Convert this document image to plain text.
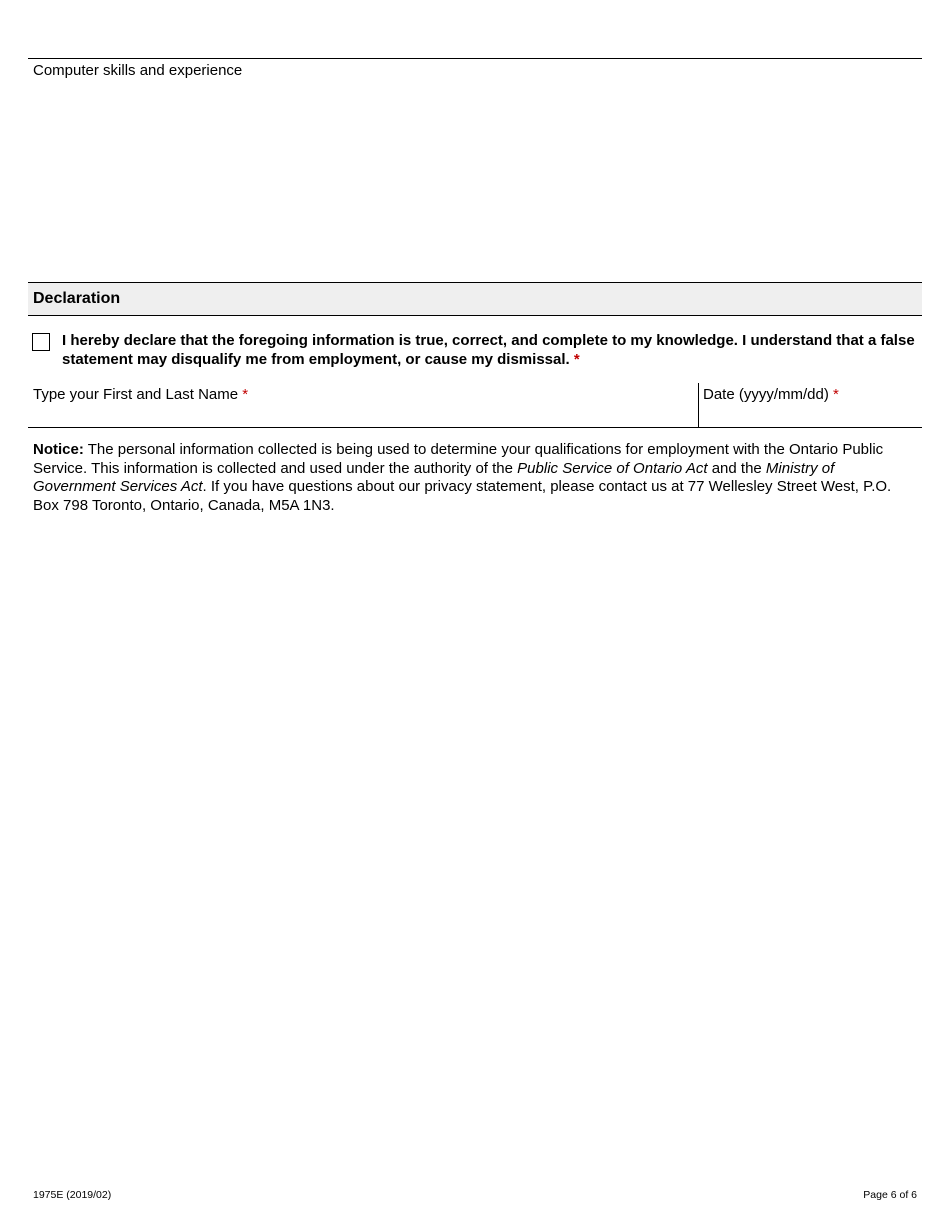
Computer skills and experience
Declaration
I hereby declare that the foregoing information is true, correct, and complete to my knowledge. I understand that a false statement may disqualify me from employment, or cause my dismissal. *
Type your First and Last Name *	Date (yyyy/mm/dd) *
Notice: The personal information collected is being used to determine your qualifications for employment with the Ontario Public Service. This information is collected and used under the authority of the Public Service of Ontario Act and the Ministry of Government Services Act. If you have questions about our privacy statement, please contact us at 77 Wellesley Street West, P.O. Box 798 Toronto, Ontario, Canada, M5A 1N3.
1975E (2019/02)	Page 6 of 6
